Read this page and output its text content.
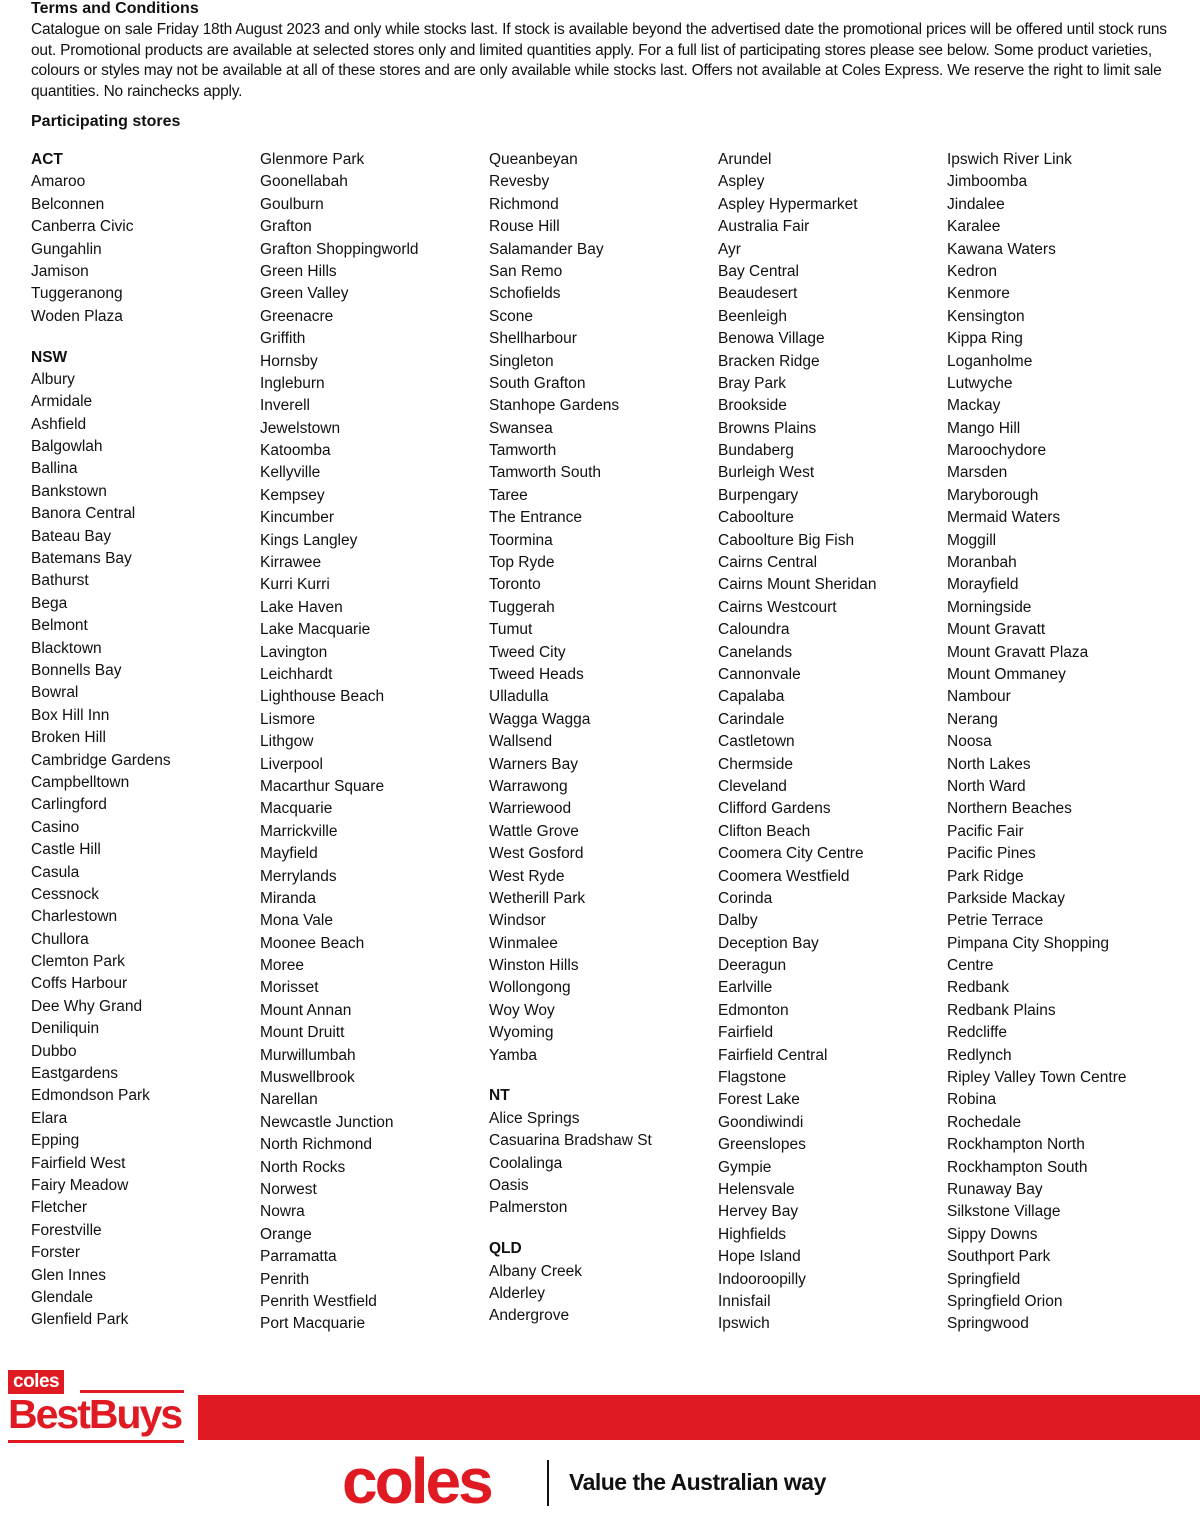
Terms and Conditions

Catalogue on sale Friday 18th August 2023 and only while stocks last. If stock is available beyond the advertised date the promotional prices will be offered until stock runs out. Promotional products are available at selected stores only and limited quantities apply. For a full list of participating stores please see below. Some product varieties, colours or styles may not be available at all of these stores and are only available while stocks last. Offers not available at Coles Express. We reserve the right to limit sale quantities. No rainchecks apply.

Participating stores
ACT
Amaroo
Belconnen
Canberra Civic
Gungahlin
Jamison
Tuggeranong
Woden Plaza
NSW
Albury
Armidale
Ashfield
Balgowlah
Ballina
Bankstown
Banora Central
Bateau Bay
Batemans Bay
Bathurst
Bega
Belmont
Blacktown
Bonnells Bay
Bowral
Box Hill Inn
Broken Hill
Cambridge Gardens
Campbelltown
Carlingford
Casino
Castle Hill
Casula
Cessnock
Charlestown
Chullora
Clemton Park
Coffs Harbour
Dee Why Grand
Deniliquin
Dubbo
Eastgardens
Edmondson Park
Elara
Epping
Fairfield West
Fairy Meadow
Fletcher
Forestville
Forster
Glen Innes
Glendale
Glenfield Park
Glenmore Park
Goonellabah
Goulburn
Grafton
Grafton Shoppingworld
Green Hills
Green Valley
Greenacre
Griffith
Hornsby
Ingleburn
Inverell
Jewelstown
Katoomba
Kellyville
Kempsey
Kincumber
Kings Langley
Kirrawee
Kurri Kurri
Lake Haven
Lake Macquarie
Lavington
Leichhardt
Lighthouse Beach
Lismore
Lithgow
Liverpool
Macarthur Square
Macquarie
Marrickville
Mayfield
Merrylands
Miranda
Mona Vale
Moonee Beach
Moree
Morisset
Mount Annan
Mount Druitt
Murwillumbah
Muswellbrook
Narellan
Newcastle Junction
North Richmond
North Rocks
Norwest
Nowra
Orange
Parramatta
Penrith
Penrith Westfield
Port Macquarie
Queanbeyan
Revesby
Richmond
Rouse Hill
Salamander Bay
San Remo
Schofields
Scone
Shellharbour
Singleton
South Grafton
Stanhope Gardens
Swansea
Tamworth
Tamworth South
Taree
The Entrance
Toormina
Top Ryde
Toronto
Tuggerah
Tumut
Tweed City
Tweed Heads
Ulladulla
Wagga Wagga
Wallsend
Warners Bay
Warrawong
Warriewood
Wattle Grove
West Gosford
West Ryde
Wetherill Park
Windsor
Winmalee
Winston Hills
Wollongong
Woy Woy
Wyoming
Yamba
NT
Alice Springs
Casuarina Bradshaw St
Coolalinga
Oasis
Palmerston
QLD
Albany Creek
Alderley
Andergrove
Arundel
Aspley
Aspley Hypermarket
Australia Fair
Ayr
Bay Central
Beaudesert
Beenleigh
Benowa Village
Bracken Ridge
Bray Park
Brookside
Browns Plains
Bundaberg
Burleigh West
Burpengary
Caboolture
Caboolture Big Fish
Cairns Central
Cairns Mount Sheridan
Cairns Westcourt
Caloundra
Canelands
Cannonvale
Capalaba
Carindale
Castletown
Chermside
Cleveland
Clifford Gardens
Clifton Beach
Coomera City Centre
Coomera Westfield
Corinda
Dalby
Deception Bay
Deeragun
Earlville
Edmonton
Fairfield
Fairfield Central
Flagstone
Forest Lake
Goondiwindi
Greenslopes
Gympie
Helensvale
Hervey Bay
Highfields
Hope Island
Indooroopilly
Innisfail
Ipswich
Ipswich River Link
Jimboomba
Jindalee
Karalee
Kawana Waters
Kedron
Kenmore
Kensington
Kippa Ring
Loganholme
Lutwyche
Mackay
Mango Hill
Maroochydore
Marsden
Maryborough
Mermaid Waters
Moggill
Moranbah
Morayfield
Morningside
Mount Gravatt
Mount Gravatt Plaza
Mount Ommaney
Nambour
Nerang
Noosa
North Lakes
North Ward
Northern Beaches
Pacific Fair
Pacific Pines
Park Ridge
Parkside Mackay
Petrie Terrace
Pimpana City Shopping
Centre
Redbank
Redbank Plains
Redcliffe
Redlynch
Ripley Valley Town Centre
Robina
Rochedale
Rockhampton North
Rockhampton South
Runaway Bay
Silkstone Village
Sippy Downs
Southport Park
Springfield
Springfield Orion
Springwood
coles
BestBuys
coles	Value the Australian way
